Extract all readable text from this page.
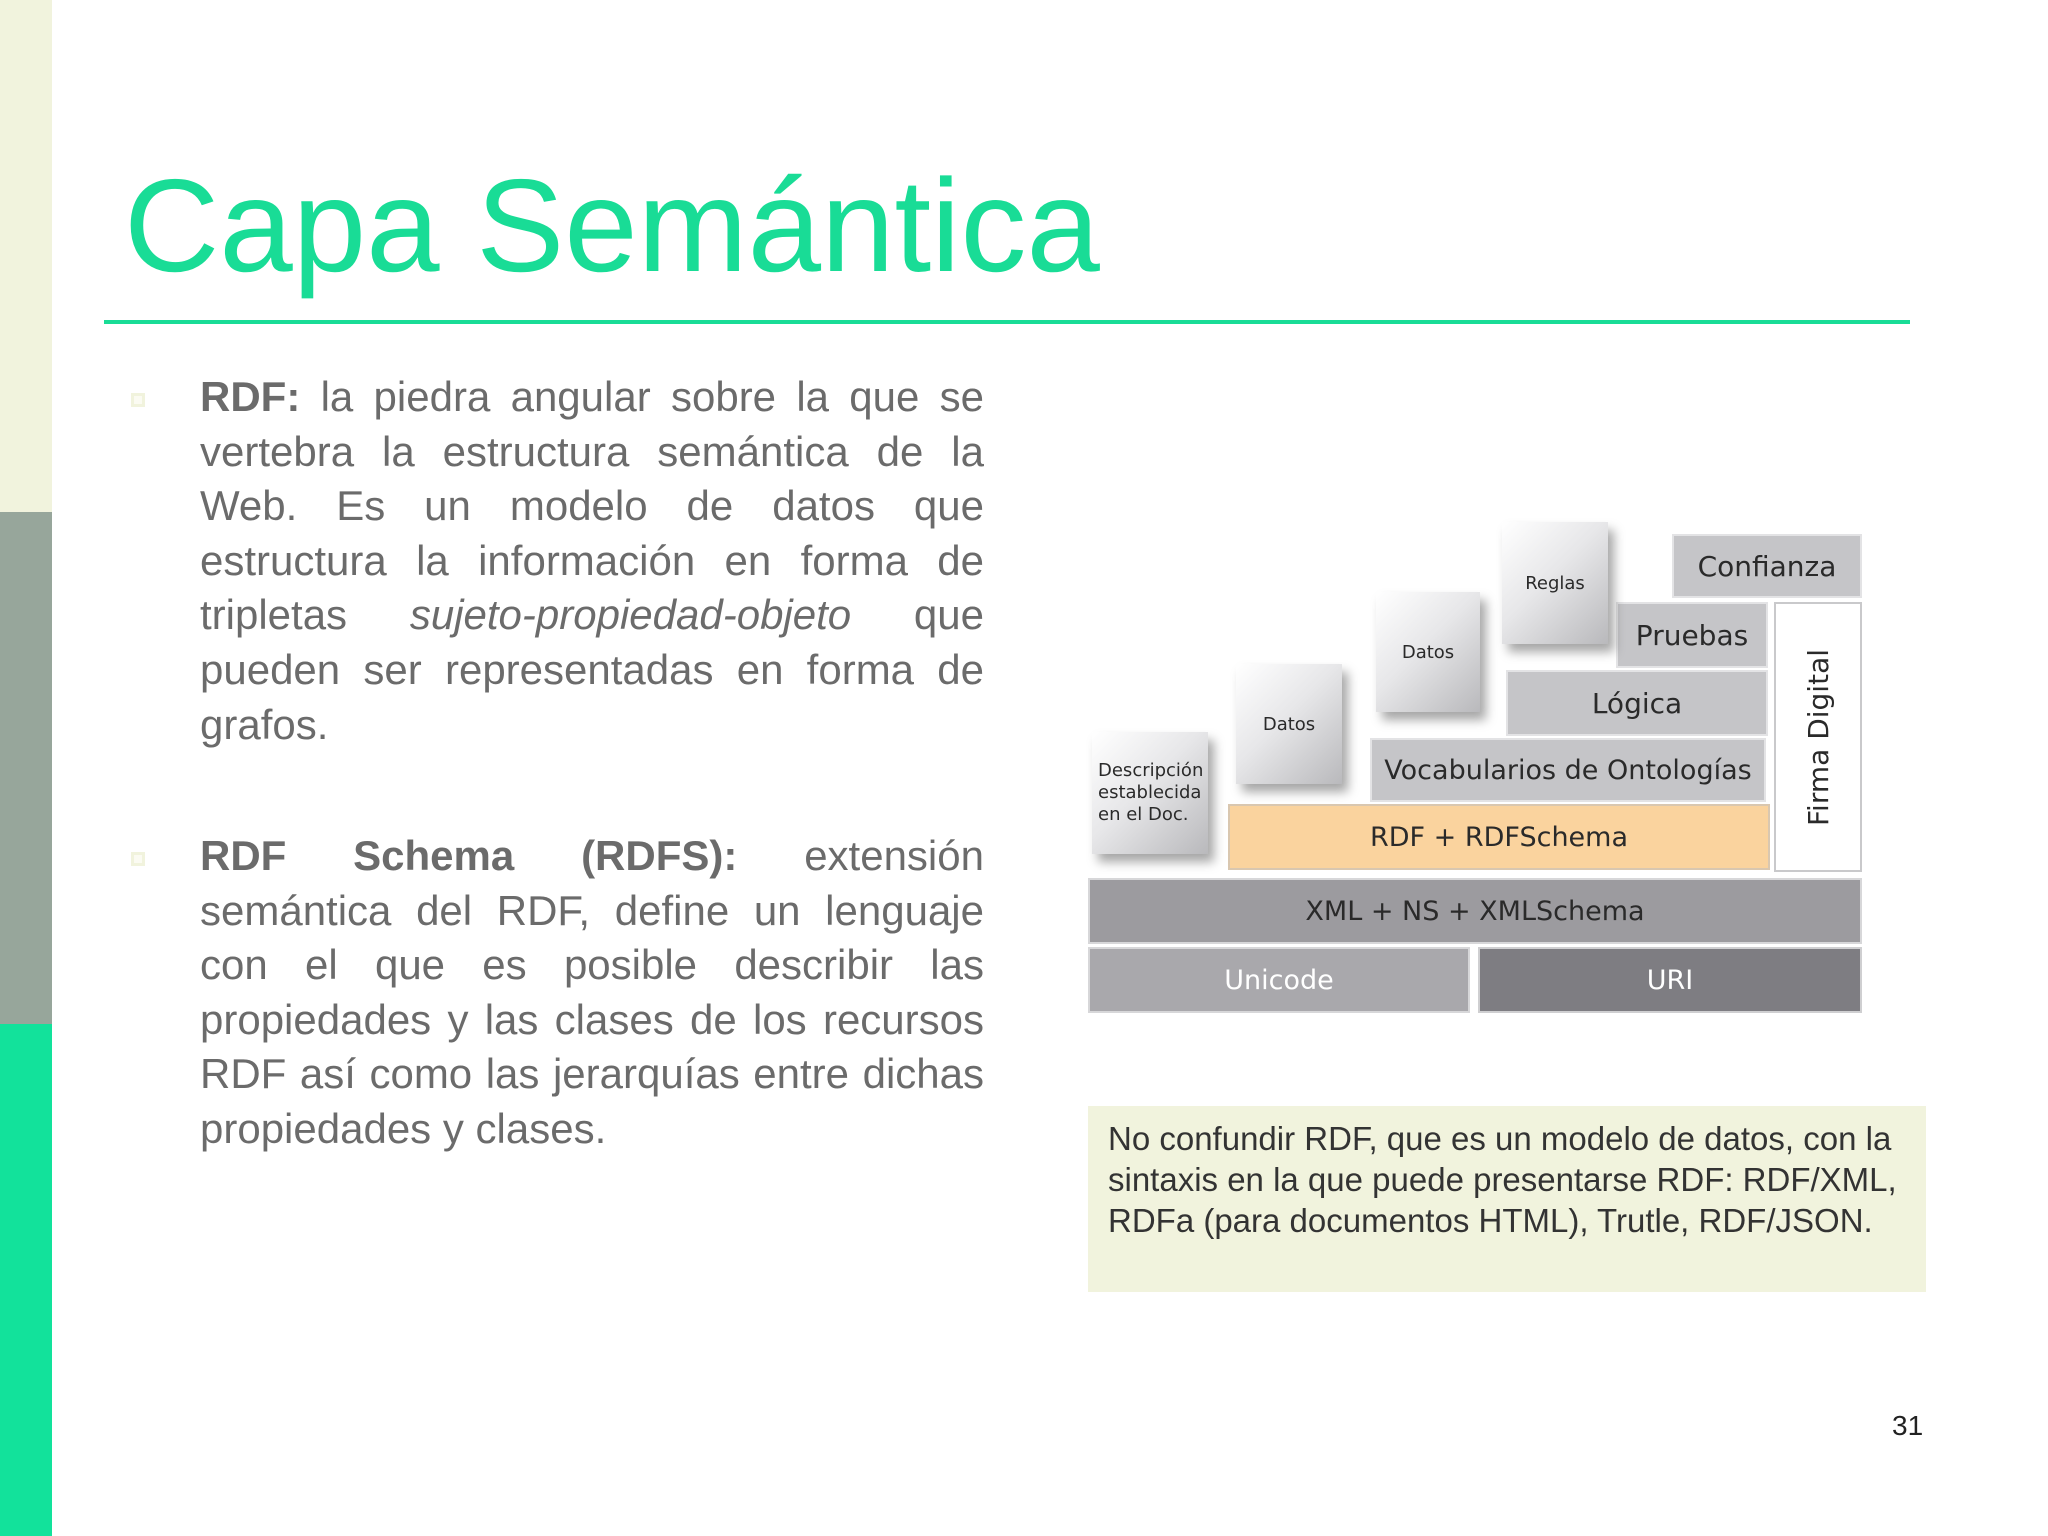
Capa Semántica
RDF: la piedra angular sobre la que se vertebra la estructura semántica de la Web. Es un modelo de datos que estructura la información en forma de tripletas sujeto-propiedad-objeto que pueden ser representadas en forma de grafos.
RDF Schema (RDFS): extensión semántica del RDF, define un lenguaje con el que es posible describir las propiedades y las clases de los recursos RDF así como las jerarquías entre dichas propiedades y clases.
Unicode	URI
XML + NS + XMLSchema
RDF + RDFSchema
Vocabularios de Ontologías
Lógica
Pruebas
Confianza
Firma Digital
Descripción establecida en el Doc.
Datos
Datos
Reglas
No confundir RDF, que es un modelo de datos, con la sintaxis en la que puede presentarse RDF: RDF/XML, RDFa (para documentos HTML), Trutle, RDF/JSON.
31
